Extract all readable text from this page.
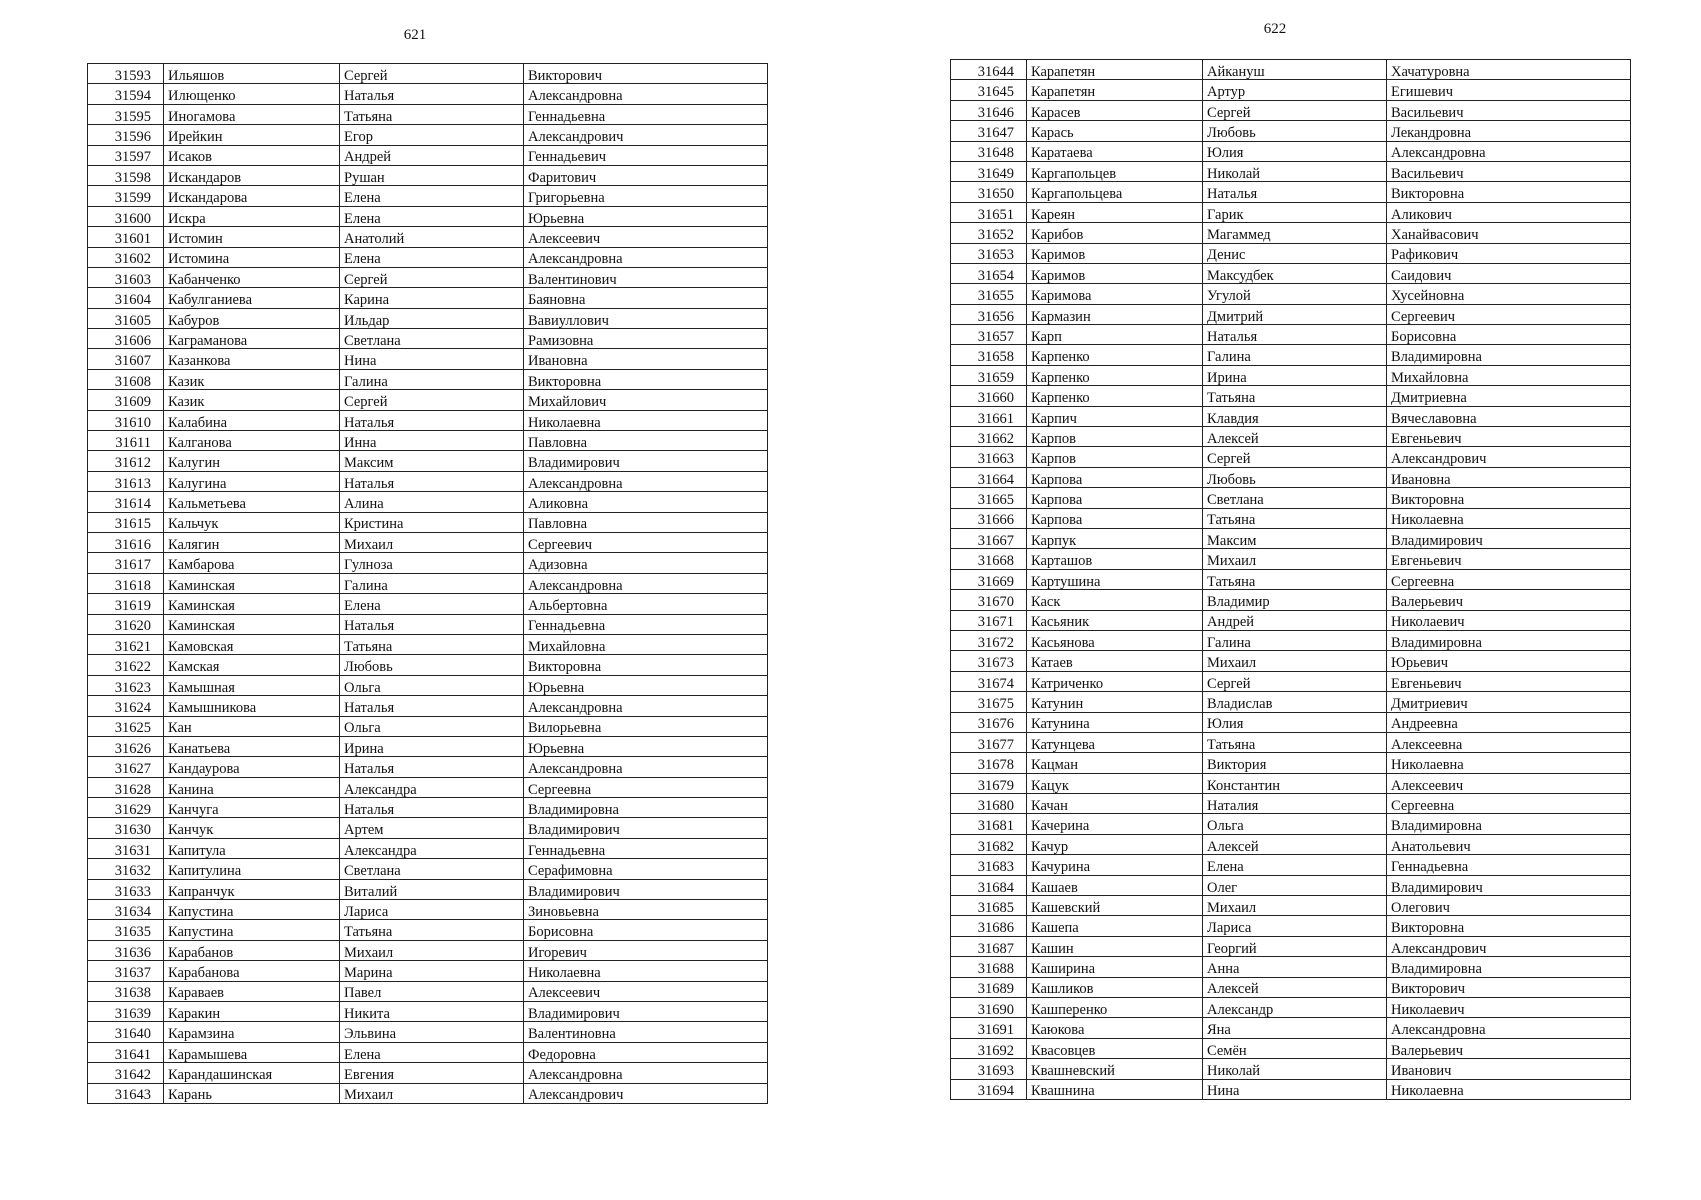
621
31593	Ильяшов	Сергей	Викторович
31594	Илющенко	Наталья	Александровна
31595	Иногамова	Татьяна	Геннадьевна
31596	Ирейкин	Егор	Александрович
31597	Исаков	Андрей	Геннадьевич
31598	Искандаров	Рушан	Фаритович
31599	Искандарова	Елена	Григорьевна
31600	Искра	Елена	Юрьевна
31601	Истомин	Анатолий	Алексеевич
31602	Истомина	Елена	Александровна
31603	Кабанченко	Сергей	Валентинович
31604	Кабулганиева	Карина	Баяновна
31605	Кабуров	Ильдар	Вавиуллович
31606	Каграманова	Светлана	Рамизовна
31607	Казанкова	Нина	Ивановна
31608	Казик	Галина	Викторовна
31609	Казик	Сергей	Михайлович
31610	Калабина	Наталья	Николаевна
31611	Калганова	Инна	Павловна
31612	Калугин	Максим	Владимирович
31613	Калугина	Наталья	Александровна
31614	Кальметьева	Алина	Аликовна
31615	Кальчук	Кристина	Павловна
31616	Калягин	Михаил	Сергеевич
31617	Камбарова	Гулноза	Адизовна
31618	Каминская	Галина	Александровна
31619	Каминская	Елена	Альбертовна
31620	Каминская	Наталья	Геннадьевна
31621	Камовская	Татьяна	Михайловна
31622	Камская	Любовь	Викторовна
31623	Камышная	Ольга	Юрьевна
31624	Камышникова	Наталья	Александровна
31625	Кан	Ольга	Вилорьевна
31626	Канатьева	Ирина	Юрьевна
31627	Кандаурова	Наталья	Александровна
31628	Канина	Александра	Сергеевна
31629	Канчуга	Наталья	Владимировна
31630	Канчук	Артем	Владимирович
31631	Капитула	Александра	Геннадьевна
31632	Капитулина	Светлана	Серафимовна
31633	Капранчук	Виталий	Владимирович
31634	Капустина	Лариса	Зиновьевна
31635	Капустина	Татьяна	Борисовна
31636	Карабанов	Михаил	Игоревич
31637	Карабанова	Марина	Николаевна
31638	Караваев	Павел	Алексеевич
31639	Каракин	Никита	Владимирович
31640	Карамзина	Эльвина	Валентиновна
31641	Карамышева	Елена	Федоровна
31642	Карандашинская	Евгения	Александровна
31643	Карань	Михаил	Александрович
622
31644	Карапетян	Айкануш	Хачатуровна
31645	Карапетян	Артур	Егишевич
31646	Карасев	Сергей	Васильевич
31647	Карась	Любовь	Лекандровна
31648	Каратаева	Юлия	Александровна
31649	Каргапольцев	Николай	Васильевич
31650	Каргапольцева	Наталья	Викторовна
31651	Кареян	Гарик	Аликович
31652	Карибов	Магаммед	Ханайвасович
31653	Каримов	Денис	Рафикович
31654	Каримов	Максудбек	Саидович
31655	Каримова	Угулой	Хусейновна
31656	Кармазин	Дмитрий	Сергеевич
31657	Карп	Наталья	Борисовна
31658	Карпенко	Галина	Владимировна
31659	Карпенко	Ирина	Михайловна
31660	Карпенко	Татьяна	Дмитриевна
31661	Карпич	Клавдия	Вячеславовна
31662	Карпов	Алексей	Евгеньевич
31663	Карпов	Сергей	Александрович
31664	Карпова	Любовь	Ивановна
31665	Карпова	Светлана	Викторовна
31666	Карпова	Татьяна	Николаевна
31667	Карпук	Максим	Владимирович
31668	Карташов	Михаил	Евгеньевич
31669	Картушина	Татьяна	Сергеевна
31670	Каск	Владимир	Валерьевич
31671	Касьяник	Андрей	Николаевич
31672	Касьянова	Галина	Владимировна
31673	Катаев	Михаил	Юрьевич
31674	Катриченко	Сергей	Евгеньевич
31675	Катунин	Владислав	Дмитриевич
31676	Катунина	Юлия	Андреевна
31677	Катунцева	Татьяна	Алексеевна
31678	Кацман	Виктория	Николаевна
31679	Кацук	Константин	Алексеевич
31680	Качан	Наталия	Сергеевна
31681	Качерина	Ольга	Владимировна
31682	Качур	Алексей	Анатольевич
31683	Качурина	Елена	Геннадьевна
31684	Кашаев	Олег	Владимирович
31685	Кашевский	Михаил	Олегович
31686	Кашепа	Лариса	Викторовна
31687	Кашин	Георгий	Александрович
31688	Каширина	Анна	Владимировна
31689	Кашликов	Алексей	Викторович
31690	Кашперенко	Александр	Николаевич
31691	Каюкова	Яна	Александровна
31692	Квасовцев	Семён	Валерьевич
31693	Квашневский	Николай	Иванович
31694	Квашнина	Нина	Николаевна
